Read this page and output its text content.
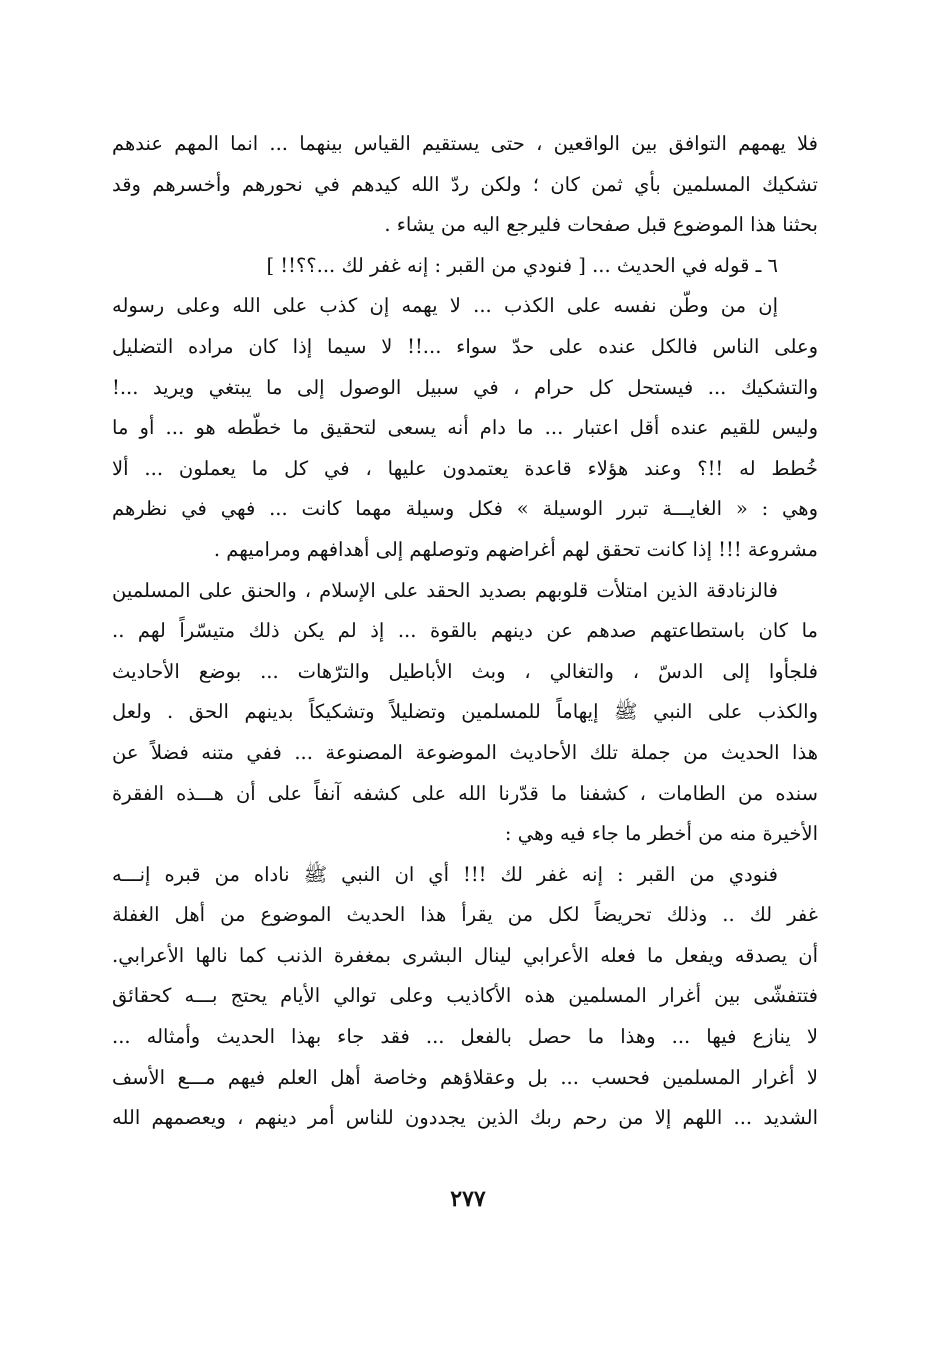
فلا يهمهم التوافق بين الواقعين ، حتى يستقيم القياس بينهما ... انما المهم عندهم
تشكيك المسلمين بأي ثمن كان ؛ ولكن ردّ الله كيدهم في نحورهم وأخسرهم وقد
بحثنا هذا الموضوع قبل صفحات فليرجع اليه من يشاء .
٦ ـ قوله في الحديث ... [ فنودي من القبر : إنه غفر لك ...؟؟!! ]
إن من وطّن نفسه على الكذب ... لا يهمه إن كذب على الله وعلى رسوله
وعلى الناس فالكل عنده على حدّ سواء ...!! لا سيما إذا كان مراده التضليل
والتشكيك ... فيستحل كل حرام ، في سبيل الوصول إلى ما يبتغي ويريد ...!
وليس للقيم عنده أقل اعتبار ... ما دام أنه يسعى لتحقيق ما خطّطه هو ... أو ما
خُطط له !!؟ وعند هؤلاء قاعدة يعتمدون عليها ، في كل ما يعملون ... ألا
وهي : « الغايـــة تبرر الوسيلة » فكل وسيلة مهما كانت ... فهي في نظرهم
مشروعة !!! إذا كانت تحقق لهم أغراضهم وتوصلهم إلى أهدافهم ومراميهم .
فالزنادقة الذين امتلأت قلوبهم بصديد الحقد على الإسلام ، والحنق على المسلمين
ما كان باستطاعتهم صدهم عن دينهم بالقوة ... إذ لم يكن ذلك متيسّراً لهم ..
فلجأوا إلى الدسّ ، والتغالي ، وبث الأباطيل والترّهات ... بوضع الأحاديث
والكذب على النبي ﷺ إيهاماً للمسلمين وتضليلاً وتشكيكاً بدينهم الحق . ولعل
هذا الحديث من جملة تلك الأحاديث الموضوعة المصنوعة ... ففي متنه فضلاً عن
سنده من الطامات ، كشفنا ما قدّرنا الله على كشفه آنفاً على أن هـــذه الفقرة
الأخيرة منه من أخطر ما جاء فيه وهي :
فنودي من القبر : إنه غفر لك !!! أي ان النبي ﷺ ناداه من قبره إنـــه
غفر لك .. وذلك تحريضاً لكل من يقرأ هذا الحديث الموضوع من أهل الغفلة
أن يصدقه ويفعل ما فعله الأعرابي لينال البشرى بمغفرة الذنب كما نالها الأعرابي.
فتتفشّى بين أغرار المسلمين هذه الأكاذيب وعلى توالي الأيام يحتج بـــه كحقائق
لا ينازع فيها ... وهذا ما حصل بالفعل ... فقد جاء بهذا الحديث وأمثاله ...
لا أغرار المسلمين فحسب ... بل وعقلاؤهم وخاصة أهل العلم فيهم مـــع الأسف
الشديد ... اللهم إلا من رحم ربك الذين يجددون للناس أمر دينهم ، ويعصمهم الله
٢٧٧
